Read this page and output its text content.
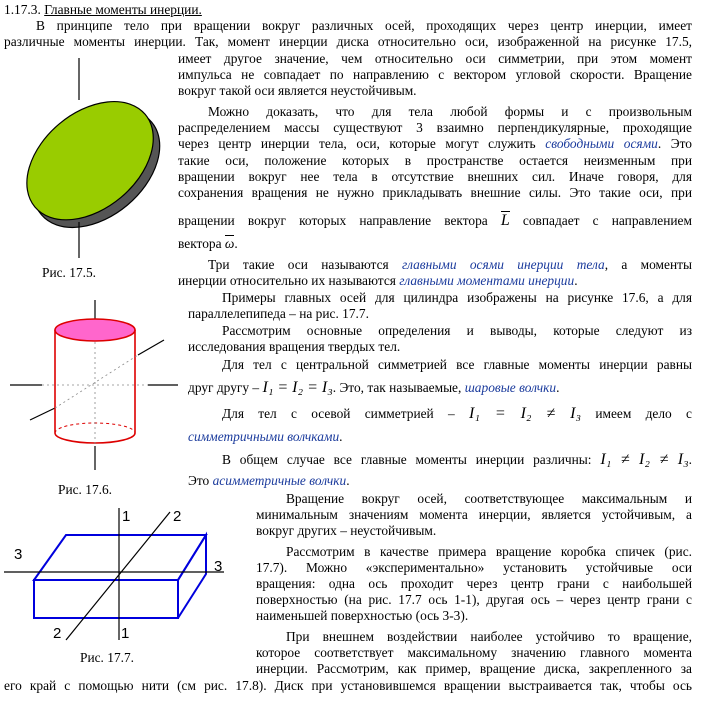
1.17.3. Главные моменты инерции.
В принципе тело при вращении вокруг различных осей, проходящих через центр инерции, имеет
различные моменты инерции. Так, момент инерции диска относительно оси, изображенной на рисунке 17.5,
имеет другое значение, чем относительно оси симметрии, при этом момент
импульса не совпадает по направлению с вектором угловой скорости. Вращение
вокруг такой оси является неустойчивым.
Можно доказать, что для тела любой формы и с произвольным
распределением массы существуют 3 взаимно перпендикулярные, проходящие
через центр инерции тела, оси, которые могут служить свободными осями. Это
такие оси, положение которых в пространстве остается неизменным при
вращении вокруг нее тела в отсутствие внешних сил. Иначе говоря, для
сохранения вращения не нужно прикладывать внешние силы. Это такие оси, при
вращении вокруг которых направление вектора L совпадает с направлением
вектора ω.
Три такие оси называются главными осями инерции тела, а моменты
инерции относительно их называются главными моментами инерции.
Примеры главных осей для цилиндра изображены на рисунке 17.6, а для
параллелепипеда – на рис. 17.7.
Рассмотрим основные определения и выводы, которые следуют из
исследования вращения твердых тел.
Для тел с центральной симметрией все главные моменты инерции равны
друг другу – I₁ = I₂ = I₃. Это, так называемые, шаровые волчки.
Для тел с осевой симметрией – I₁ = I₂ ≠ I₃ имеем дело с
симметричными волчками.
В общем случае все главные моменты инерции различны: I₁ ≠ I₂ ≠ I₃.
Это асимметричные волчки.
Вращение вокруг осей, соответствующее максимальным и
минимальным значениям момента инерции, является устойчивым, а
вокруг других – неустойчивым.
Рассмотрим в качестве примера вращение коробка спичек (рис.
17.7). Можно «экспериментально» установить устойчивые оси
вращения: одна ось проходит через центр грани с наибольшей
поверхностью (на рис. 17.7 ось 1-1), другая ось – через центр грани с
наименьшей поверхностью (ось 3-3).
При внешнем воздействии наиболее устойчиво то вращение,
которое соответствует максимальному значению главного момента
инерции. Рассмотрим, как пример, вращение диска, закрепленного за
его край с помощью нити (см рис. 17.8). Диск при установившемся вращении выстраивается так, чтобы ось
Рис. 17.5.
Рис. 17.6.
1	2
3
3
2	1
Рис. 17.7.
